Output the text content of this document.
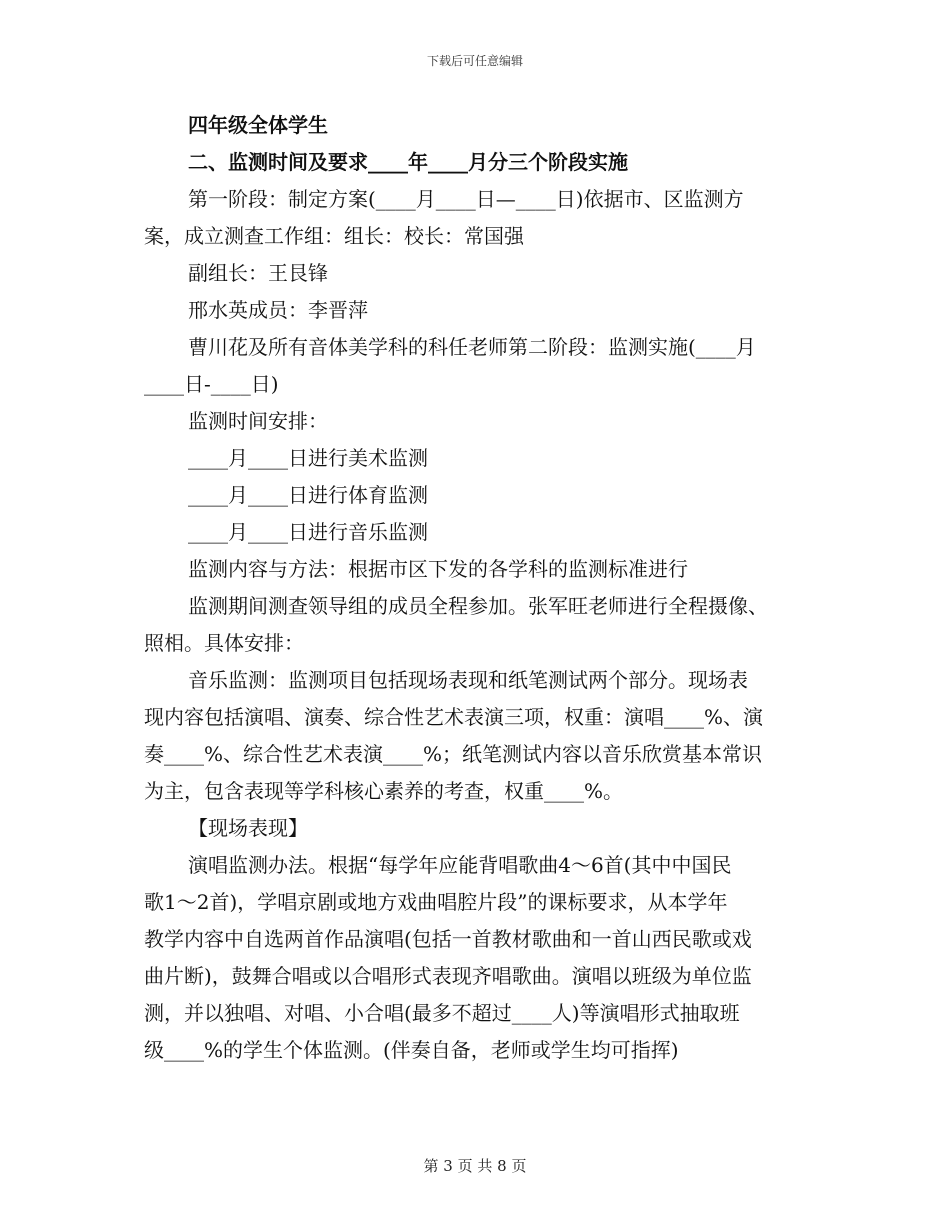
下载后可任意编辑

四年级全体学生

二、监测时间及要求____年____月分三个阶段实施

第一阶段：制定方案(____月____日—____日)依据市、区监测方

案，成立测查工作组：组长：校长：常国强

副组长：王艮锋

邢水英成员：李晋萍

曹川花及所有音体美学科的科任老师第二阶段：监测实施(____月

____日-____日)

监测时间安排：

____月____日进行美术监测

____月____日进行体育监测

____月____日进行音乐监测

监测内容与方法：根据市区下发的各学科的监测标准进行

监测期间测查领导组的成员全程参加。张军旺老师进行全程摄像、

照相。具体安排：

音乐监测：监测项目包括现场表现和纸笔测试两个部分。现场表

现内容包括演唱、演奏、综合性艺术表演三项，权重：演唱____%、演

奏____%、综合性艺术表演____%；纸笔测试内容以音乐欣赏基本常识

为主，包含表现等学科核心素养的考查，权重____%。

【现场表现】

演唱监测办法。根据“每学年应能背唱歌曲4～6首(其中中国民

歌1～2首)，学唱京剧或地方戏曲唱腔片段”的课标要求，从本学年

教学内容中自选两首作品演唱(包括一首教材歌曲和一首山西民歌或戏

曲片断)，鼓舞合唱或以合唱形式表现齐唱歌曲。演唱以班级为单位监

测，并以独唱、对唱、小合唱(最多不超过____人)等演唱形式抽取班

级____%的学生个体监测。(伴奏自备，老师或学生均可指挥)

第 3 页 共 8 页
